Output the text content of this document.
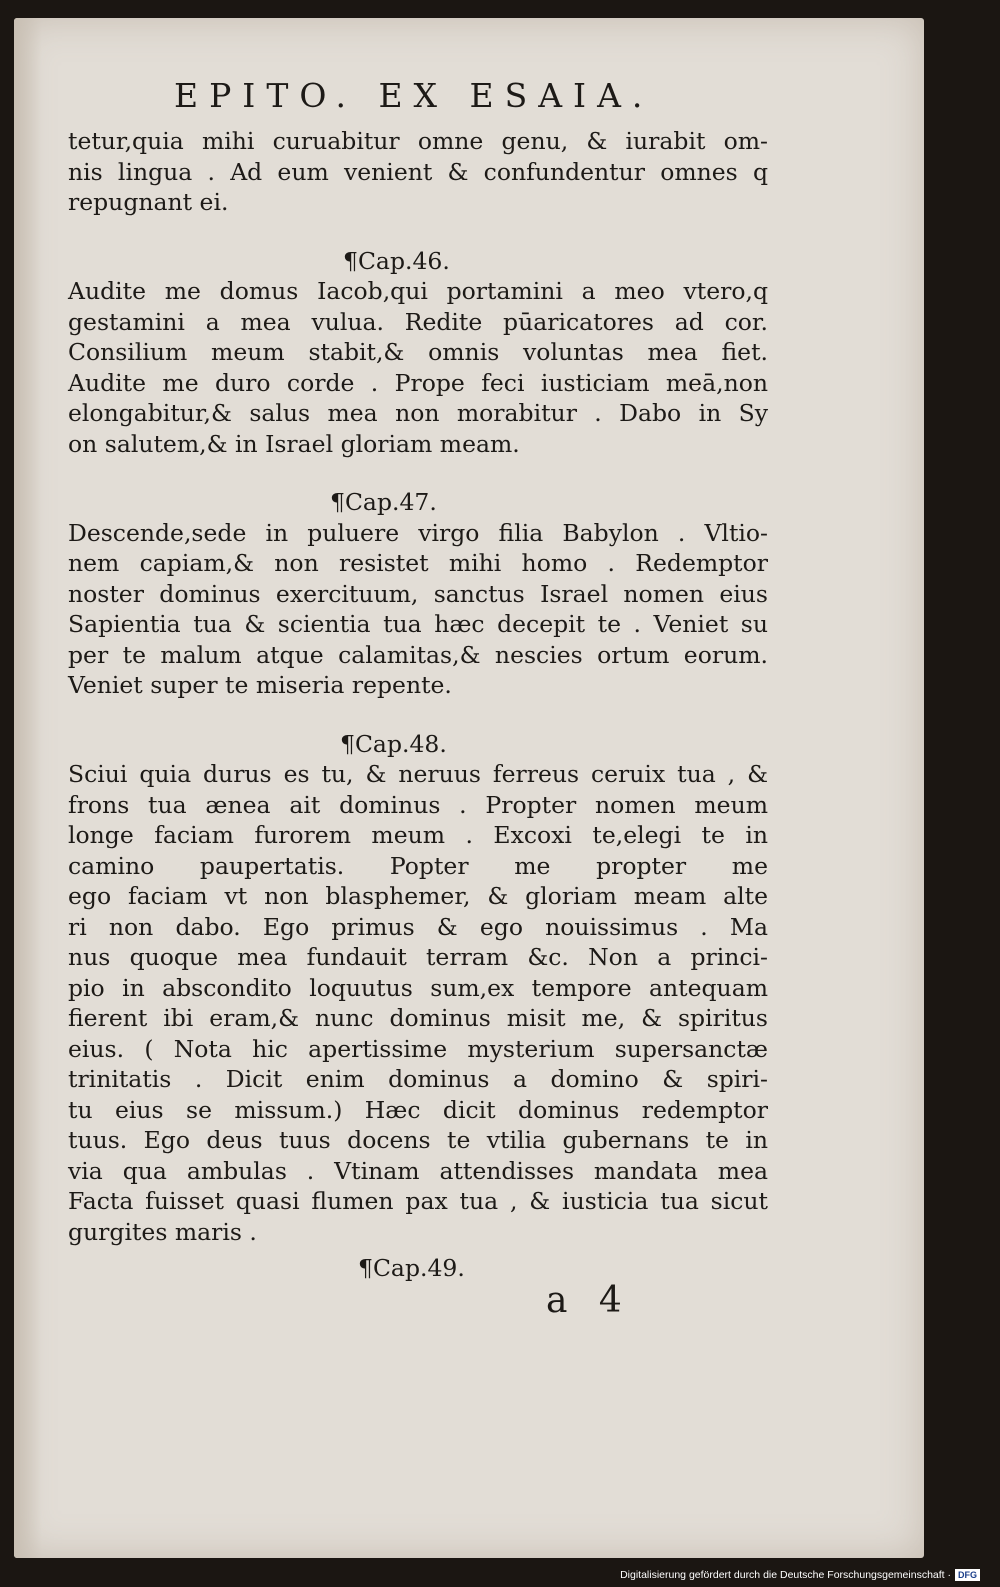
EPITO. EX ESAIA.
tetur,quia mihi curuabitur omne genu, & iurabit om-
nis lingua . Ad eum venient & confundentur omnes q
repugnant ei.
¶Cap.46.
Audite me domus Iacob,qui portamini a meo vtero,q
gestamini a mea vulua. Redite pūaricatores ad cor.
Consilium meum stabit,& omnis voluntas mea fiet.
Audite me duro corde . Prope feci iusticiam meā,non
elongabitur,& salus mea non morabitur . Dabo in Sy
on salutem,& in Israel gloriam meam.
¶Cap.47.
Descende,sede in puluere virgo filia Babylon . Vltio-
nem capiam,& non resistet mihi homo . Redemptor
noster dominus exercituum, sanctus Israel nomen eius
Sapientia tua & scientia tua hæc decepit te . Veniet su
per te malum atque calamitas,& nescies ortum eorum.
Veniet super te miseria repente.
¶Cap.48.
Sciui quia durus es tu, & neruus ferreus ceruix tua , &
frons tua ænea ait dominus . Propter nomen meum
longe faciam furorem meum . Excoxi te,elegi te in
camino paupertatis. Popter me propter me
ego faciam vt non blasphemer, & gloriam meam alte
ri non dabo. Ego primus & ego nouissimus . Ma
nus quoque mea fundauit terram &c. Non a princi-
pio in abscondito loquutus sum,ex tempore antequam
fierent ibi eram,& nunc dominus misit me, & spiritus
eius. ( Nota hic apertissime mysterium supersanctæ
trinitatis . Dicit enim dominus a domino & spiri-
tu eius se missum.) Hæc dicit dominus redemptor
tuus. Ego deus tuus docens te vtilia gubernans te in
via qua ambulas . Vtinam attendisses mandata mea
Facta fuisset quasi flumen pax tua , & iusticia tua sicut
gurgites maris .
¶Cap.49.
a 4
Digitalisierung gefördert durch die Deutsche Forschungsgemeinschaft · DFG
